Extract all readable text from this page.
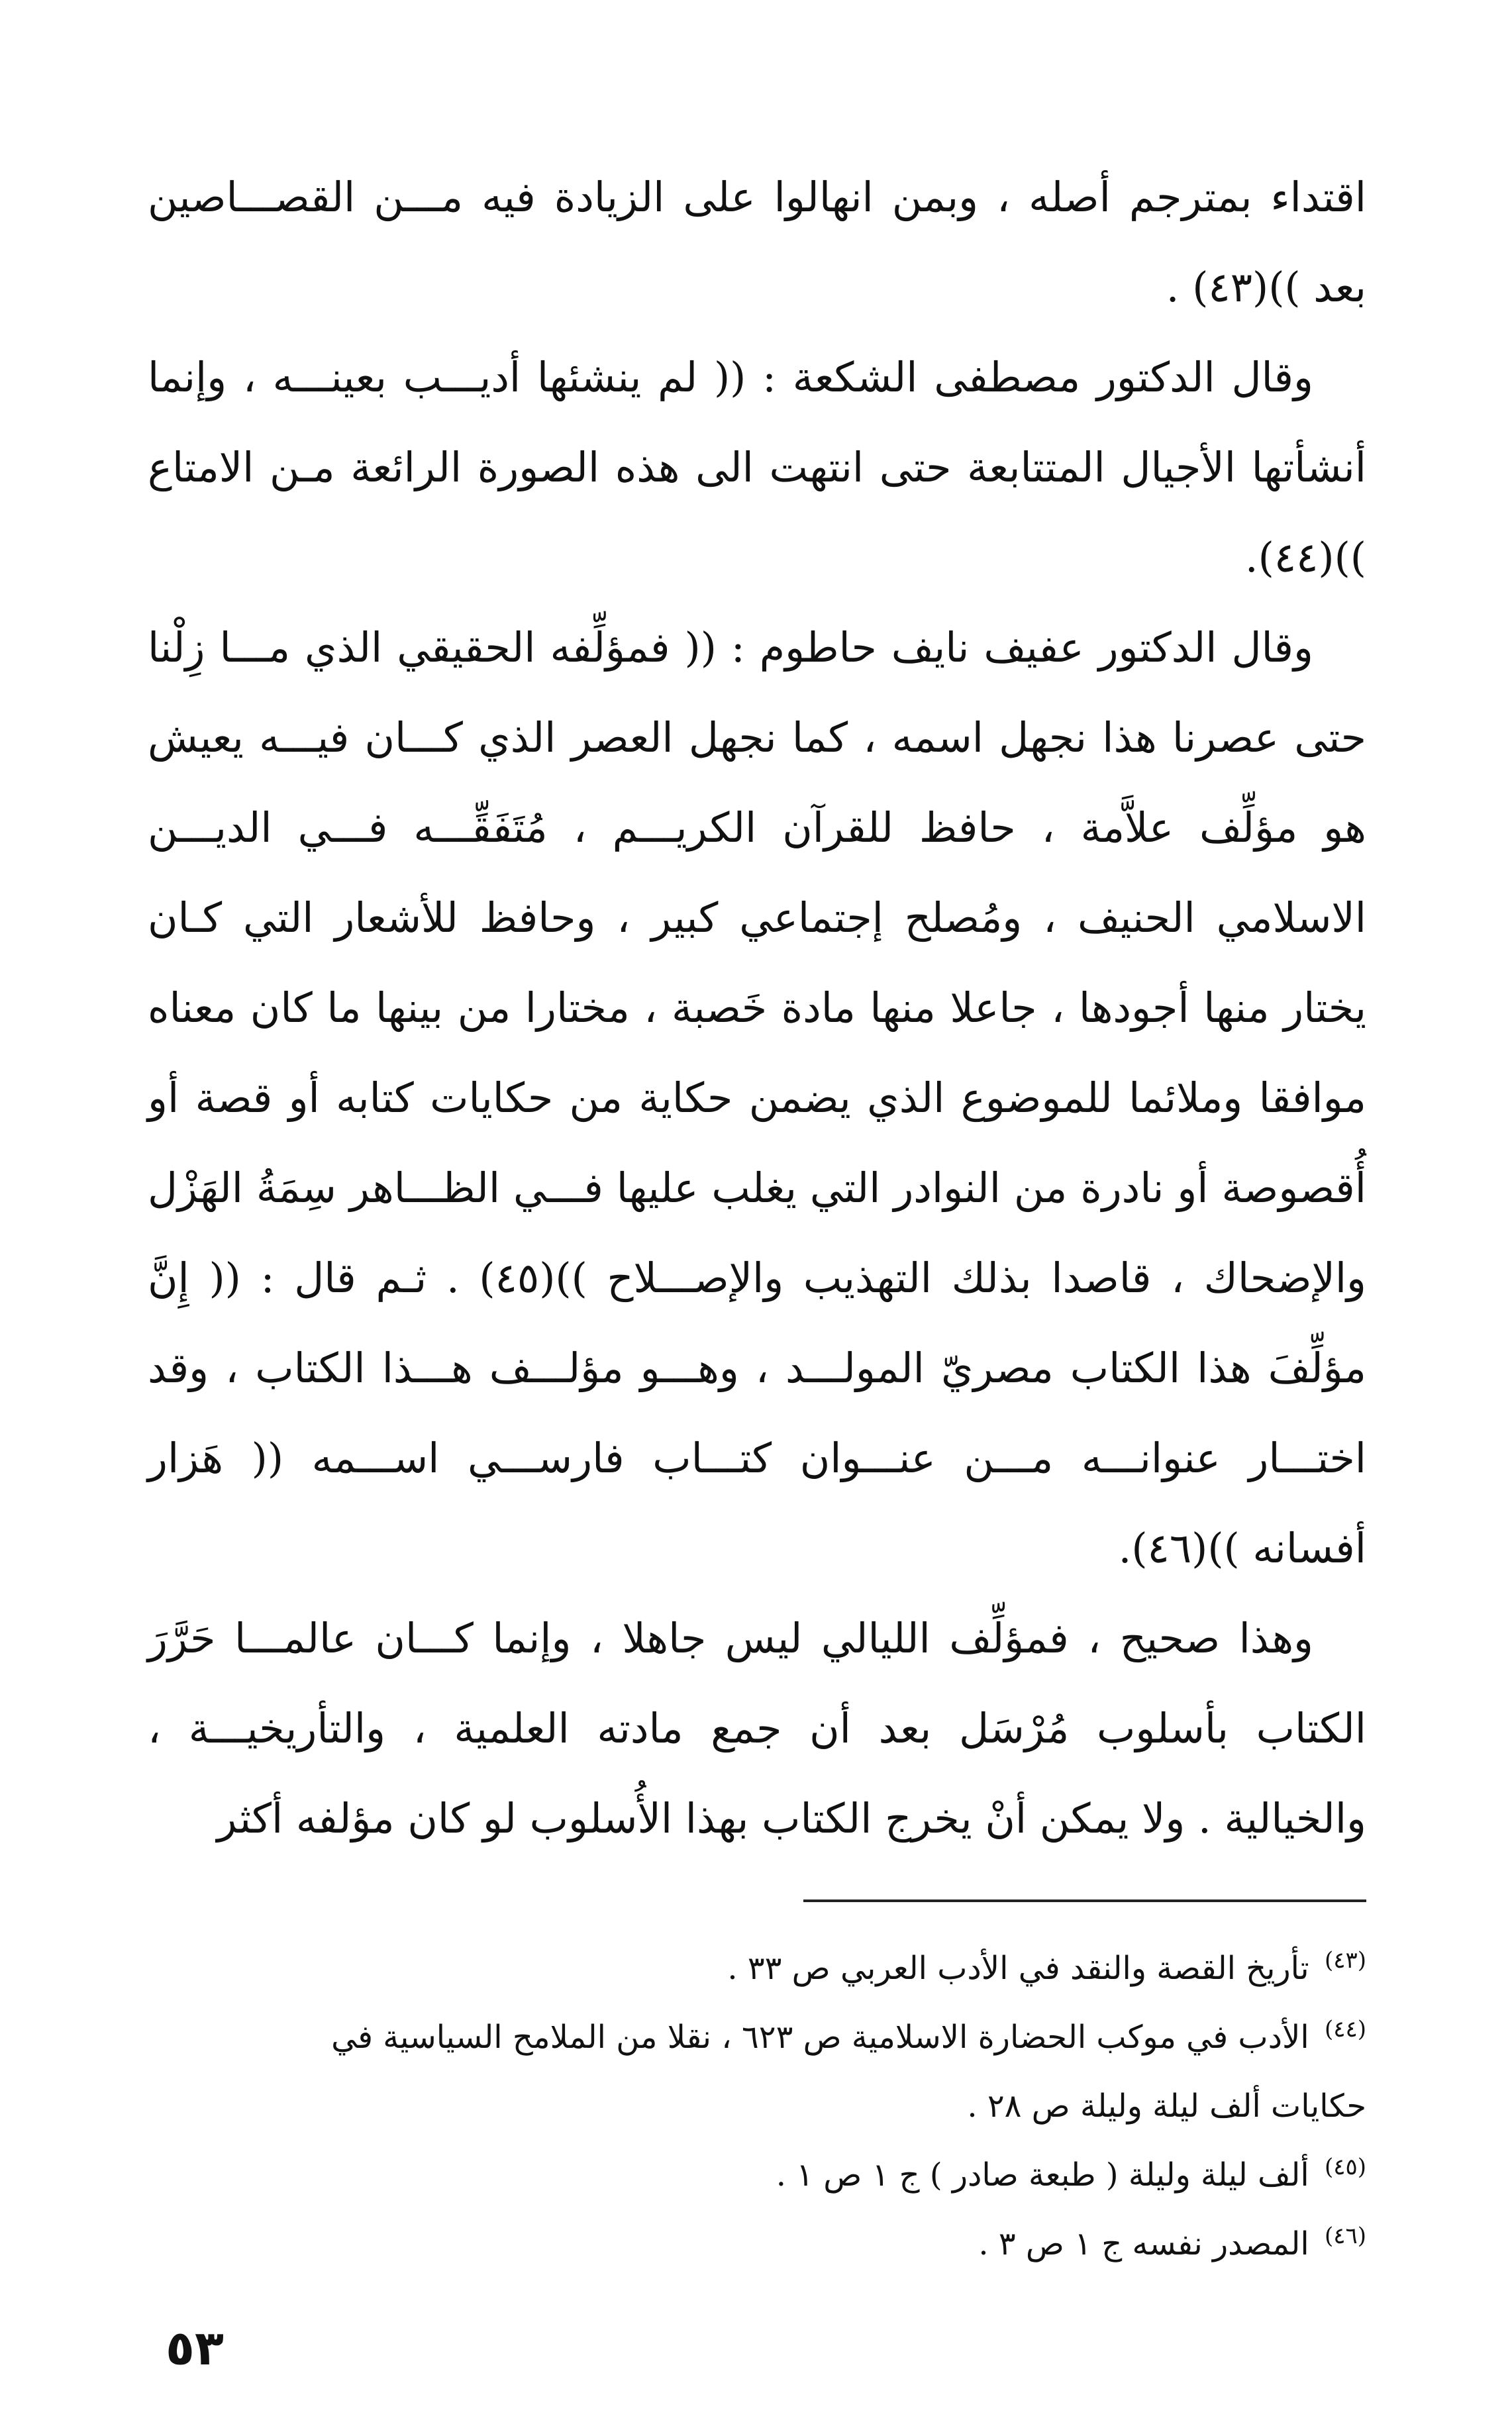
اقتداء بمترجم أصله ، وبمن انهالوا على الزيادة فيه مـــن القصـــاصين بعد ))(٤٣) .

وقال الدكتور مصطفى الشكعة : (( لم ينشئها أديـــب بعينـــه ، وإنما أنشأتها الأجيال المتتابعة حتى انتهت الى هذه الصورة الرائعة مـن الامتاع ))(٤٤).

وقال الدكتور عفيف نايف حاطوم : (( فمؤلِّفه الحقيقي الذي مـــا زِلْنا حتى عصرنا هذا نجهل اسمه ، كما نجهل العصر الذي كـــان فيـــه يعيش هو مؤلِّف علاَّمة ، حافظ للقرآن الكريـــم ، مُتَفَقِّـــه فـــي الديـــن الاسلامي الحنيف ، ومُصلح إجتماعي كبير ، وحافظ للأشعار التي كـان يختار منها أجودها ، جاعلا منها مادة خَصبة ، مختارا من بينها ما كان معناه موافقا وملائما للموضوع الذي يضمن حكاية من حكايات كتابه أو قصة أو أُقصوصة أو نادرة من النوادر التي يغلب عليها فـــي الظـــاهر سِمَةُ الهَزْل والإضحاك ، قاصدا بذلك التهذيب والإصـــلاح ))(٤٥) . ثـم قال : (( إِنَّ مؤلِّفَ هذا الكتاب مصريّ المولـــد ، وهـــو مؤلـــف هـــذا الكتاب ، وقد اختـــار عنوانـــه مـــن عنـــوان كتـــاب فارســـي اســـمه (( هَزار أفسانه ))(٤٦).

وهذا صحيح ، فمؤلِّف الليالي ليس جاهلا ، وإنما كـــان عالمـــا حَرَّرَ الكتاب بأسلوب مُرْسَل بعد أن جمع مادته العلمية ، والتأريخيـــة ، والخيالية . ولا يمكن أنْ يخرج الكتاب بهذا الأُسلوب لو كان مؤلفه أكثر

$^{(٤٣)}$ تأريخ القصة والنقد في الأدب العربي ص ٣٣ .

$^{(٤٤)}$ الأدب في موكب الحضارة الاسلامية ص ٦٢٣ ، نقلا من الملامح السياسية في
حكايات ألف ليلة وليلة ص ٢٨ .

$^{(٤٥)}$ ألف ليلة وليلة ( طبعة صادر ) ج ١ ص ١ .

$^{(٤٦)}$ المصدر نفسه ج ١ ص ٣ .

٥٣
